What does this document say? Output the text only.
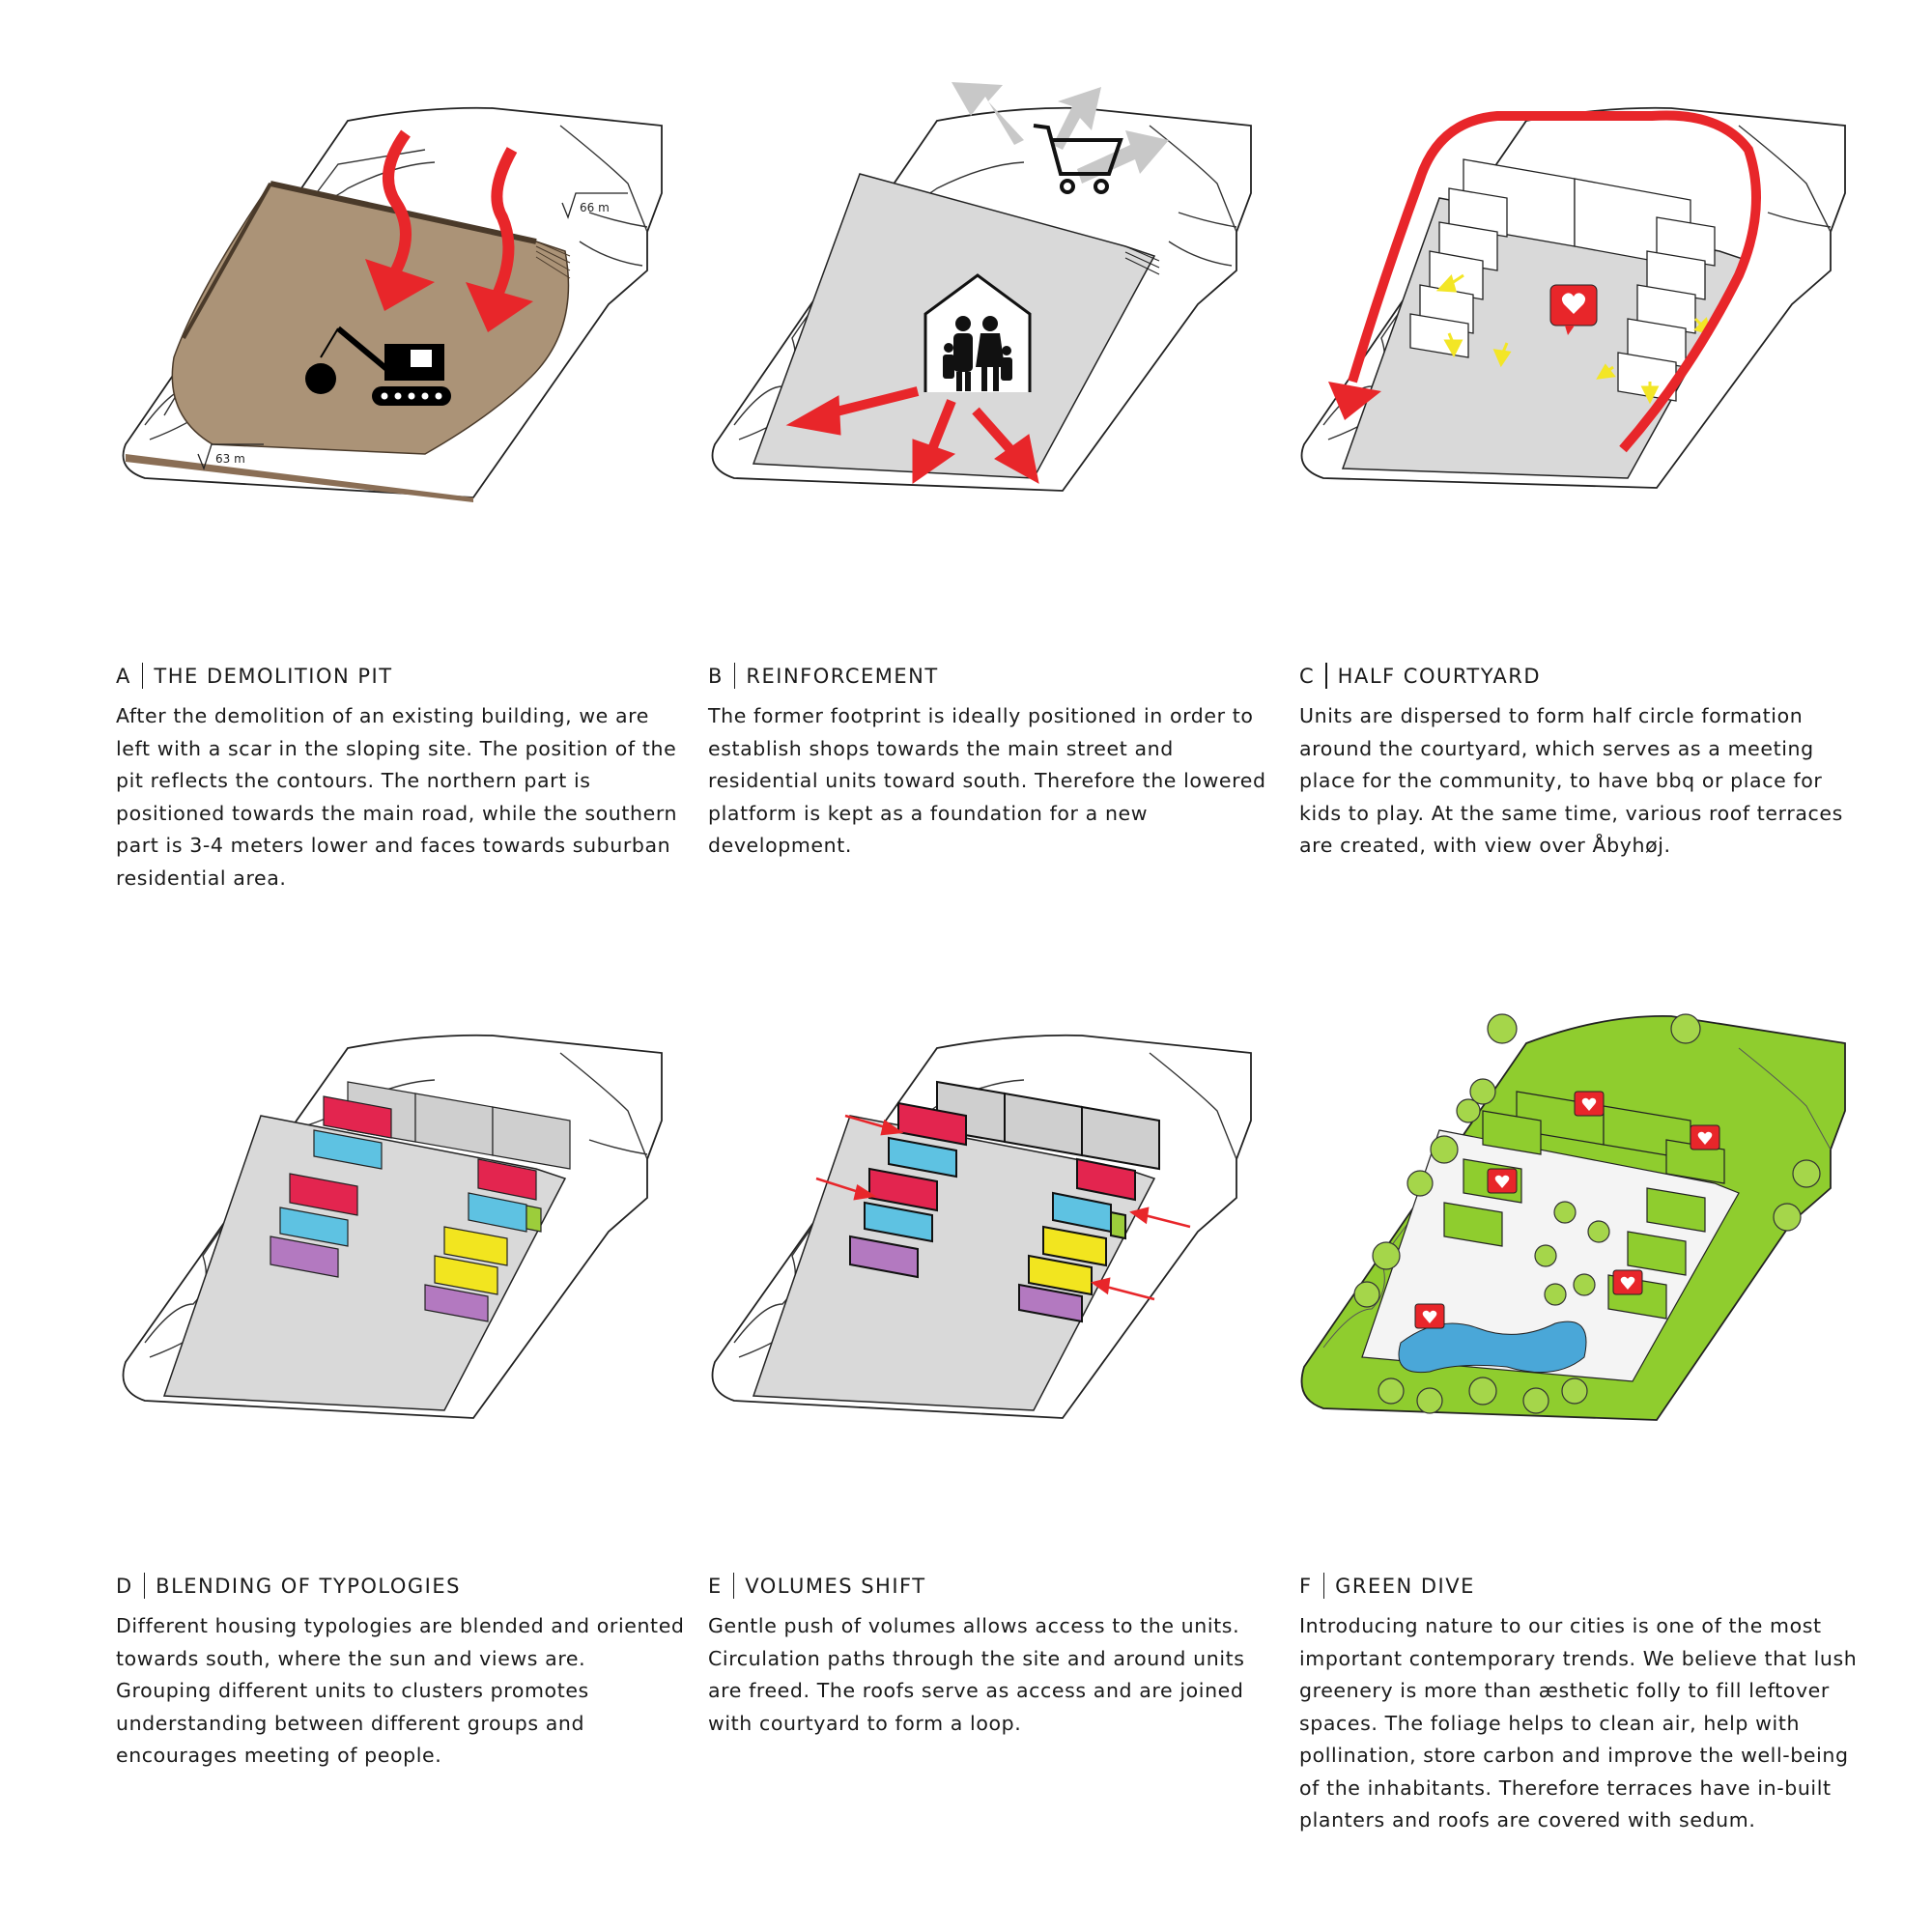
66 m
63 m
A THE DEMOLITION PIT

After the demolition of an existing building, we are left with a scar in the sloping site. The position of the pit reflects the contours. The northern part is positioned towards the main road, while the southern part is 3-4 meters lower and faces towards suburban residential area.

B REINFORCEMENT

The former footprint is ideally positioned in order to establish shops towards the main street and residential units toward south. Therefore the lowered platform is kept as a foundation for a new development.

C HALF COURTYARD

Units are dispersed to form half circle formation around the courtyard, which serves as a meeting place for the community, to have bbq or place for kids to play. At the same time, various roof terraces are created, with view over Åbyhøj.

D BLENDING OF TYPOLOGIES

Different housing typologies are blended and oriented towards south, where the sun and views are. Grouping different units to clusters promotes understanding between different groups and encourages meeting of people.

E VOLUMES SHIFT

Gentle push of volumes allows access to the units. Circulation paths through the site and around units are freed. The roofs serve as access and are joined with courtyard to form a loop.

F GREEN DIVE

Introducing nature to our cities is one of the most important contemporary trends. We believe that lush greenery is more than æsthetic folly to fill leftover spaces. The foliage helps to clean air, help with pollination, store carbon and improve the well-being of the inhabitants. Therefore terraces have in-built planters and roofs are covered with sedum.
